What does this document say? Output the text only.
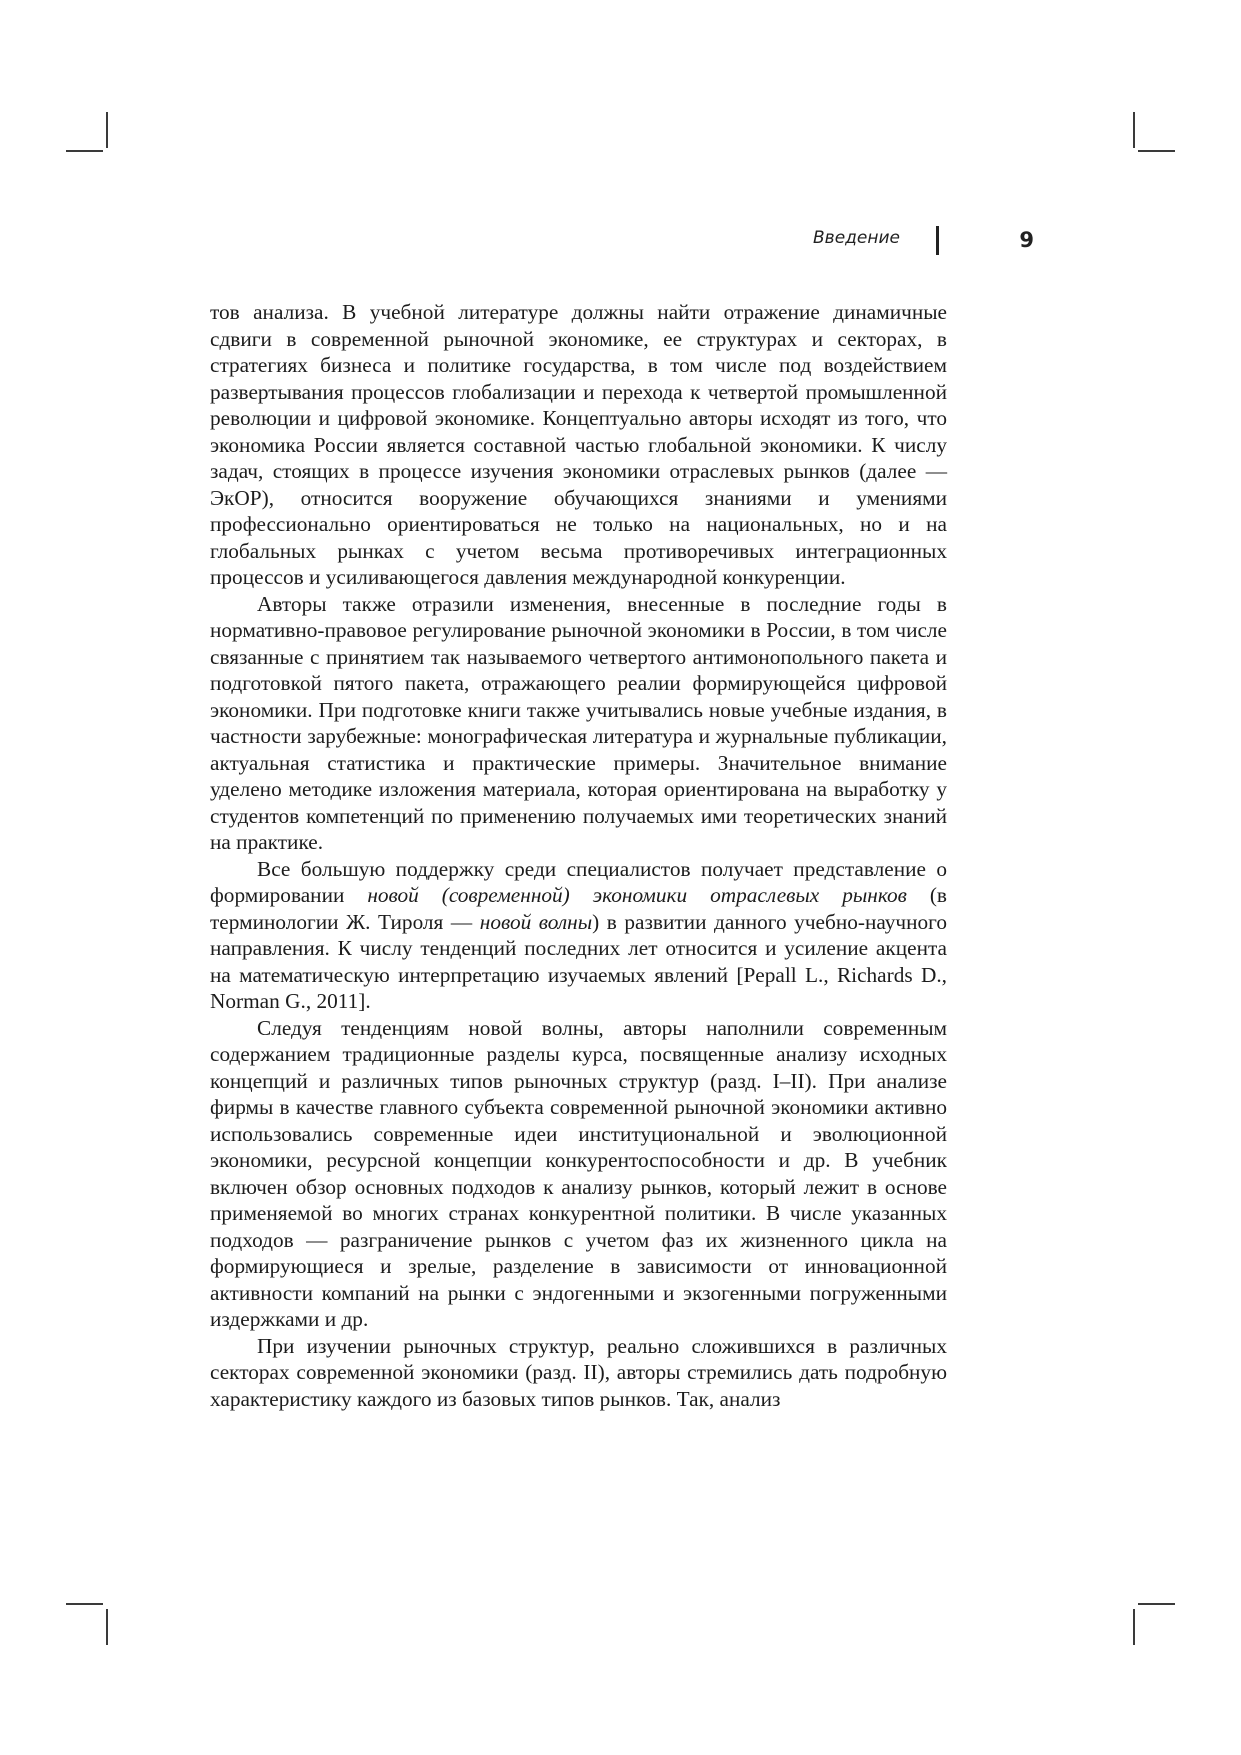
Введение	9

тов анализа. В учебной литературе должны найти отражение динамичные сдвиги в современной рыночной экономике, ее структурах и секторах, в стратегиях бизнеса и политике государства, в том числе под воздействием развертывания процессов глобализации и перехода к четвертой промышленной революции и цифровой экономике. Концептуально авторы исходят из того, что экономика России является составной частью глобальной экономики. К числу задач, стоящих в процессе изучения экономики отраслевых рынков (далее — ЭкОР), относится вооружение обучающихся знаниями и умениями профессионально ориентироваться не только на национальных, но и на глобальных рынках с учетом весьма противоречивых интеграционных процессов и усиливающегося давления международной конкуренции.

Авторы также отразили изменения, внесенные в последние годы в нормативно-правовое регулирование рыночной экономики в России, в том числе связанные с принятием так называемого четвертого антимонопольного пакета и подготовкой пятого пакета, отражающего реалии формирующейся цифровой экономики. При подготовке книги также учитывались новые учебные издания, в частности зарубежные: монографическая литература и журнальные публикации, актуальная статистика и практические примеры. Значительное внимание уделено методике изложения материала, которая ориентирована на выработку у студентов компетенций по применению получаемых ими теоретических знаний на практике.

Все большую поддержку среди специалистов получает представление о формировании новой (современной) экономики отраслевых рынков (в терминологии Ж. Тироля — новой волны) в развитии данного учебно-научного направления. К числу тенденций последних лет относится и усиление акцента на математическую интерпретацию изучаемых явлений [Pepall L., Richards D., Norman G., 2011].

Следуя тенденциям новой волны, авторы наполнили современным содержанием традиционные разделы курса, посвященные анализу исходных концепций и различных типов рыночных структур (разд. I–II). При анализе фирмы в качестве главного субъекта современной рыночной экономики активно использовались современные идеи институциональной и эволюционной экономики, ресурсной концепции конкурентоспособности и др. В учебник включен обзор основных подходов к анализу рынков, который лежит в основе применяемой во многих странах конкурентной политики. В числе указанных подходов — разграничение рынков с учетом фаз их жизненного цикла на формирующиеся и зрелые, разделение в зависимости от инновационной активности компаний на рынки с эндогенными и экзогенными погруженными издержками и др.

При изучении рыночных структур, реально сложившихся в различных секторах современной экономики (разд. II), авторы стремились дать подробную характеристику каждого из базовых типов рынков. Так, анализ
